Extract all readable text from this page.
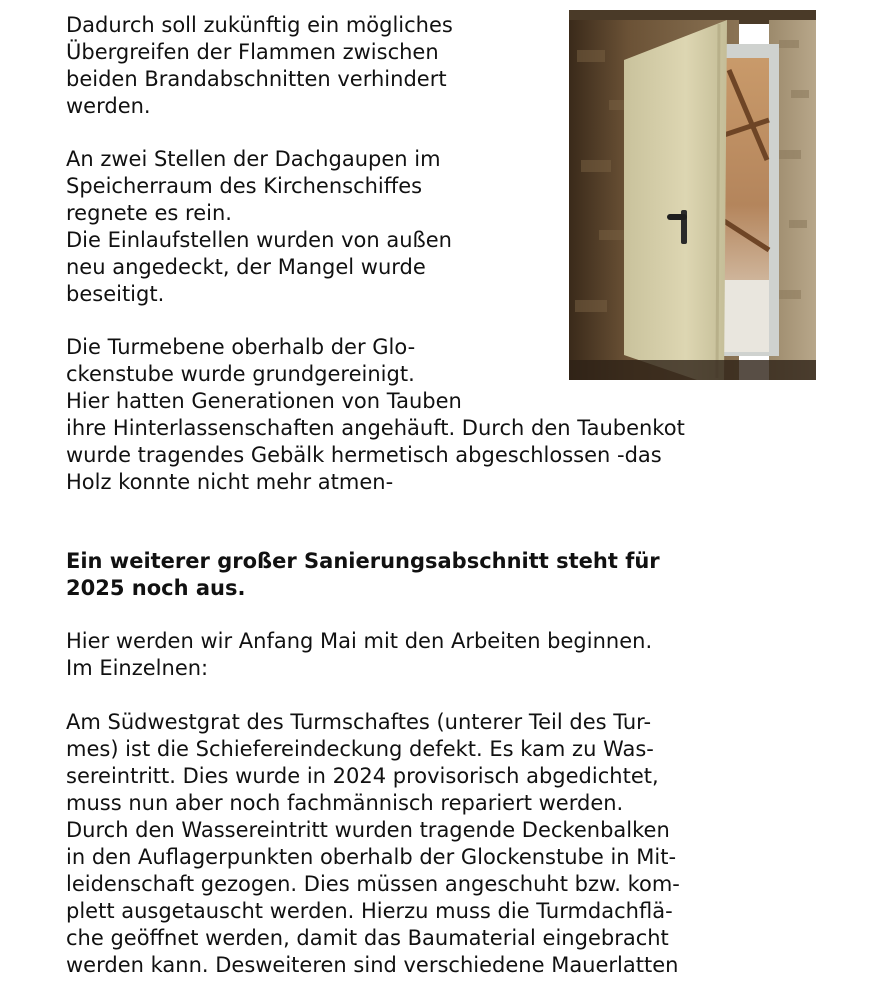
Dadurch soll zukünftig ein mögliches

Übergreifen der Flammen zwischen

beiden Brandabschnitten verhindert

werden.

An zwei Stellen der Dachgaupen im

Speicherraum des Kirchenschiffes

regnete es rein.

Die Einlaufstellen wurden von außen

neu angedeckt, der Mangel wurde

beseitigt.

Die Turmebene oberhalb der Glo-

ckenstube wurde grundgereinigt.

Hier hatten Generationen von Tauben

ihre Hinterlassenschaften angehäuft. Durch den Taubenkot

wurde tragendes Gebälk hermetisch abgeschlossen -das

Holz konnte nicht mehr atmen-

Ein weiterer großer Sanierungsabschnitt steht für

2025 noch aus.

Hier werden wir Anfang Mai mit den Arbeiten beginnen.

Im Einzelnen:

Am Südwestgrat des Turmschaftes (unterer Teil des Tur-

mes) ist die Schiefereindeckung defekt. Es kam zu Was-

sereintritt. Dies wurde in 2024 provisorisch abgedichtet,

muss nun aber noch fachmännisch repariert werden.

Durch den Wassereintritt wurden tragende Deckenbalken

in den Auflagerpunkten oberhalb der Glockenstube in Mit-

leidenschaft gezogen. Dies müssen angeschuht bzw. kom-

plett ausgetauscht werden. Hierzu muss die Turmdachflä-

che geöffnet werden, damit das Baumaterial eingebracht

werden kann. Desweiteren sind verschiedene Mauerlatten
